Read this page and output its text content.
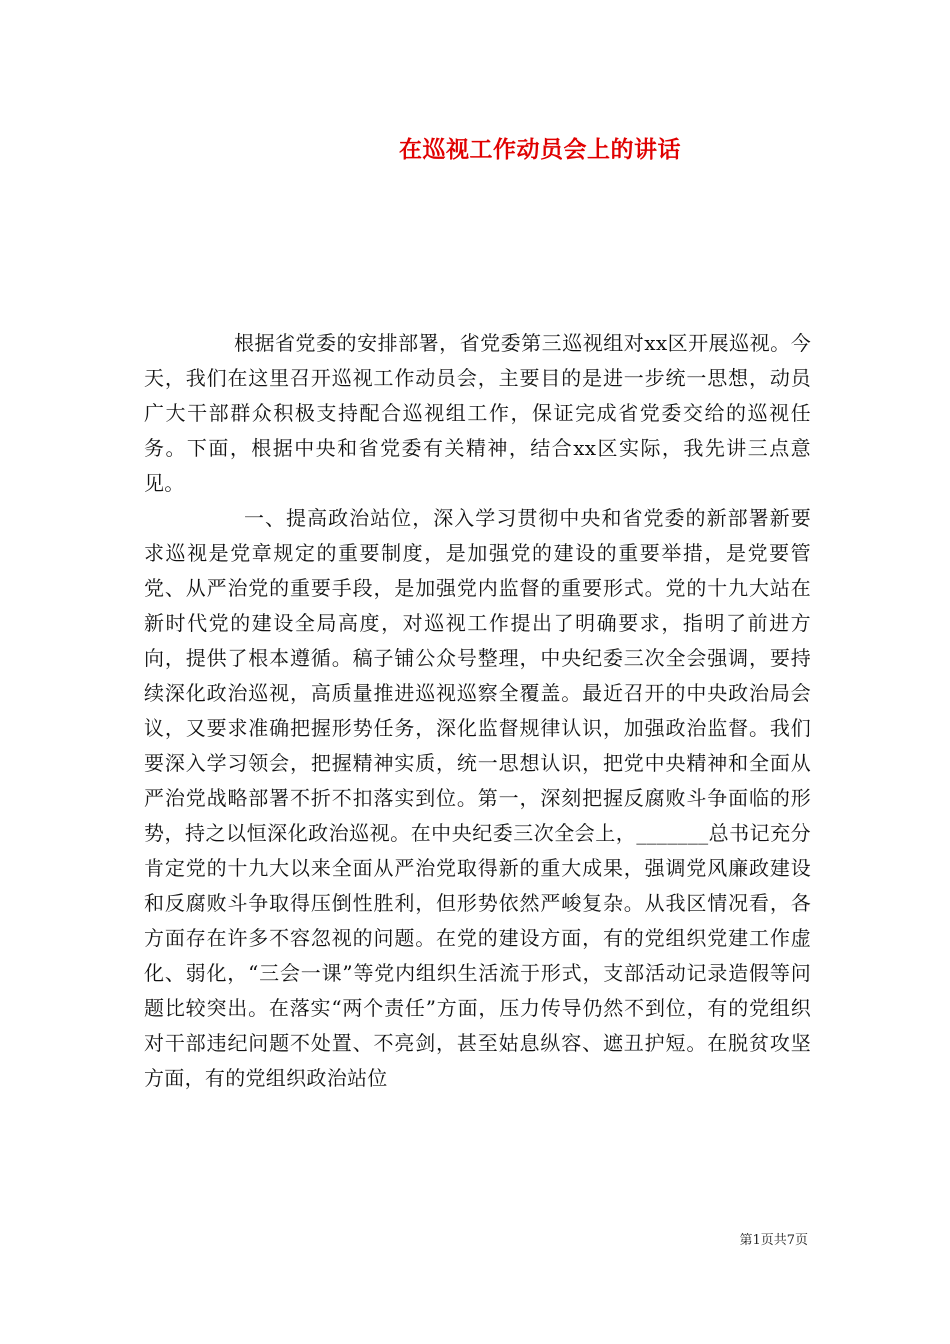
在巡视工作动员会上的讲话

根据省党委的安排部署，省党委第三巡视组对xx区开展巡视。今天，我们在这里召开巡视工作动员会，主要目的是进一步统一思想，动员广大干部群众积极支持配合巡视组工作，保证完成省党委交给的巡视任务。下面，根据中央和省党委有关精神，结合xx区实际，我先讲三点意见。

一、提高政治站位，深入学习贯彻中央和省党委的新部署新要求巡视是党章规定的重要制度，是加强党的建设的重要举措，是党要管党、从严治党的重要手段，是加强党内监督的重要形式。党的十九大站在新时代党的建设全局高度，对巡视工作提出了明确要求，指明了前进方向，提供了根本遵循。稿子铺公众号整理，中央纪委三次全会强调，要持续深化政治巡视，高质量推进巡视巡察全覆盖。最近召开的中央政治局会议，又要求准确把握形势任务，深化监督规律认识，加强政治监督。我们要深入学习领会，把握精神实质，统一思想认识，把党中央精神和全面从严治党战略部署不折不扣落实到位。第一，深刻把握反腐败斗争面临的形势，持之以恒深化政治巡视。在中央纪委三次全会上，_______总书记充分肯定党的十九大以来全面从严治党取得新的重大成果，强调党风廉政建设和反腐败斗争取得压倒性胜利，但形势依然严峻复杂。从我区情况看，各方面存在许多不容忽视的问题。在党的建设方面，有的党组织党建工作虚化、弱化，“三会一课”等党内组织生活流于形式，支部活动记录造假等问题比较突出。在落实“两个责任”方面，压力传导仍然不到位，有的党组织对干部违纪问题不处置、不亮剑，甚至姑息纵容、遮丑护短。在脱贫攻坚方面，有的党组织政治站位

第1页共7页
